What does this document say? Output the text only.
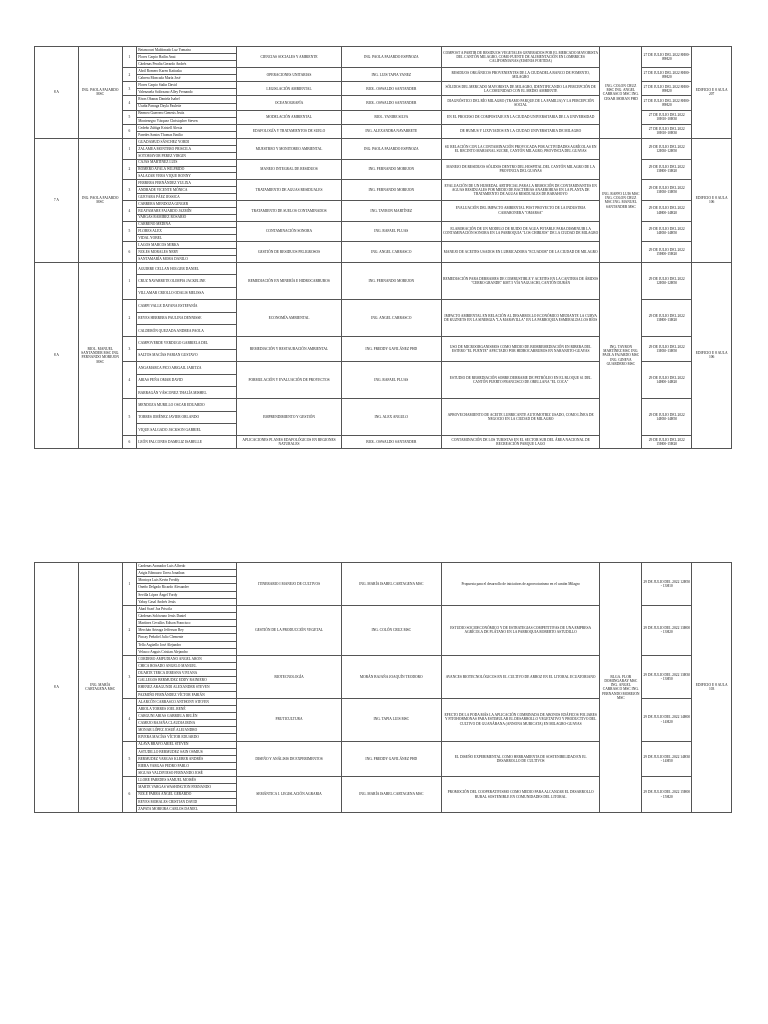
8 A	ING. PAOLA FAJARDO MSC	1	Betancourt Maldonado Luz Yomaira	CIENCIAS SOCIALES Y AMBIENTE	ING. PAOLA FAJARDO ESPINOZA	COMPOST A PARTIR DE RESIDUOS VEGETALES GENERADOS POR EL MERCADO MAYORISTA DEL CANTÓN MILAGRO, COMO FUENTE DE ALIMENTACIÓN EN LOMBRICES CALIFORNIANAS (EISENIA FOETIDA)	ING. COLON CRUZ MSC ING. ANGEL CARRASCO MSC ING. CESAR MORAN PHD	27 DE JULIO DEL 2022 8H00-09H20	EDIFICIO E 8 AULA 207
			Flores Carpio Hailin Anai						
			Cárdenas Peralta Gerardo Andrés						
		2	Abril Romero Karen Katiuska	OPERACIONES UNITARIAS	ING. LUIS TAPIA YANEZ	RESIDUOS ORGÁNICOS PROVENIENTES DE LA CIUDADELA BANCO DE FOMENTO, MILAGRO		27 DE JULIO DEL 2022 8H00-09H20	
			Cabrera Moncada María José						
		3	Flores Carpio Stalin David	LEGISLACIÓN AMBIENTAL	BIOL. OSWALDO SANTANDER	SÓLIDOS DEL MERCADO MAYORISTA DE MILAGRO, IDENTIFICANDO LA PERCEPCIÓN DE LA COMUNIDAD CON EL MEDIO AMBIENTE		27 DE JULIO DEL 2022 8H00-09H20	
			Valenzuela Solórzano Alley Fernando						
		4	Rivas Obanas Daniela Isabel	OCEANOGRAFÍA	BIOL. OSWALDO SANTANDER	DIAGNÓSTICO DEL RÍO MILAGRO (TRAMO PARQUE DE LA FAMILIA) Y LA PERCEPCIÓN SOCIAL		27 DE JULIO DEL 2022 8H00-09H20	
			Ucaña Parraga Dayla Paulette						
		5	Bermeo Guerrero Genesis Jesús	MODELACIÓN AMBIENTAL	BIOL. YANIRE SILVA	EN EL PROCESO DE COMPOSTAJE EN LA CIUDAD UNIVERSITARIA DE LA UNIVERSIDAD		27 DE JULIO DEL 2022 10H10-10H30	
			Montenegro Vásquez Christopher Steven						
		6	Cedeño Zúñiga Kristell Alexia	EDAFOLOGÍA Y TRATAMIENTOS DE SUELO	ING. ALEXANDRA NAVARRETE	DE HUMUS Y LIXIVIADOS EN LA CIUDAD UNIVERSITARIA DE MILAGRO		27 DE JULIO DEL 2022 10H10-10H30	
			Paredes Santos Thomas Emilio						
7 A	ING. PAOLA FAJARDO MSC	1	GUADAMUD SÁNCHEZ YORDI	MUESTREO Y MONITOREO AMBIENTAL	ING. PAOLA FAJARDO ESPINOZA	SU RELACIÓN CON LA CONTAMINACIÓN PROVOCADA POR ACTIVIDADES AGRÍCOLAS EN EL RECINTO MARIANAL SUCRE, CANTÓN MILAGRO, PROVINCIA DEL GUAYAS	ING. RAFFO LUIS MSC ING. COLON CRUZ MSC ING. MANUEL SANTANDER MSC	29 DE JULIO DEL 2022 12H30-12H50	EDIFICIO E 8 AULA 106
			ZALAMEA MONTERO PRISCILA						
			SOTOMAYOR PEREZ VIRGIN						
		2	CAJAS MARTÍNEZ LUIS	MANEJO INTEGRAL DE RESIDUOS	ING. FERNANDO MOREJON	MANEJO DE RESIDUOS SÓLIDOS DENTRO DEL HOSPITAL DEL CANTÓN MILAGRO DE LA PROVINCIA DEL GUAYAS		29 DE JULIO DEL 2022 13H00-13H20	
			ROMERO AYALA WILFRIDO						
			SALAZAR VERA VIQUE RONNY						
		3	FERRERA FERNÁNDEZ YULIXA	TRATAMIENTO DE AGUAS RESIDUALES	ING. FERNANDO MOREJON	EVALUACIÓN DE UN HUMEDAL ARTIFICIAL PARA LA REMOCIÓN DE CONTAMINANTES EN AGUAS RESIDUALES POR MEDIO DE BACTERIAS ANAEROBIAS EN LA PLANTA DE TRATAMIENTO DE AGUAS RESIDUALES DE BABAHOYO		29 DE JULIO DEL 2022 13H30-13H50	
			ANDRADE VICENTE MÓNICA						
			GUEVARA PÁEZ JESSICA						
		4	CABRERA MENDOZA GINGER	TRATAMIENTO DE SUELOS CONTAMINADOS	ING. TAYRON MARTÍNEZ	EVALUACIÓN DEL IMPACTO AMBIENTAL POST PROYECTO DE LA INDUSTRIA CAMARONERA "OMARSA"		29 DE JULIO DEL 2022 14H00-14H20	
			BUAYAMARE FAJARDO JAZMÍN						
			VARGAS RAMÍREZ ROSARIO						
		5	CARREÑO MEDINA	CONTAMINACIÓN SONORA	ING. RAFAEL PLUAS	ELABORACIÓN DE UN MODELO DE RUIDO DE AGUA POTABLE PARA DISMINUIR LA CONTAMINACIÓN SONORA EN LA PARROQUIA "LOS CHIRIJOS" DE LA CIUDAD DE MILAGRO		29 DE JULIO DEL 2022 14H30-14H50	
			FLORES ALEX						
			VIDAL YOBEL						
		6	LAGOS MARCOS MIRKA	GESTIÓN DE RESIDUOS PELIGROSOS	ING. ANGEL CARRASCO	MANEJO DE ACEITES USADOS EN LUBRICADORA "ECUADOR" DE LA CIUDAD DE MILAGRO		29 DE JULIO DEL 2022 15H00-15H20	
			NOLES MORALES NERY						
			SANTAMARÍA MORA DANILO						
8 A	BIOL. MANUEL SANTANDER MSC ING. FERNANDO MOREJON MSC	1	AGUIRRE CELLAN HOLGER DANIEL	REMEDIACIÓN EN MINERÍA E HIDROCARBUROS	ING. FERNANDO MOREJON	REMEDIACIÓN PARA DERRAMES DE COMBUSTIBLE Y ACEITES EN LA CANTERA DE ÁRIDOS "CERRO GRANDE" KM7.5 VÍA YAGUACHI, CANTÓN DURÁN	ING. TAYRON MARTÍNEZ MSC ING. PAOLA FAJARDO MSC ING. GINEVA GUARDERO MSC	29 DE JULIO DEL 2022 12H30-12H50	EDIFICIO E 8 AULA 106
			CRUZ NAVARRETE OLIMPIA JACKELINE						
			VILLAMAR CRIOLLO ODALIS MELISSA						
		2	CAMPI VALLE DAYANA ESTEFANÍA	ECONOMÍA AMBIENTAL	ING. ANGEL CARRASCO	IMPACTO AMBIENTAL EN RELACIÓN AL DESARROLLO ECONÓMICO MEDIANTE LA CURVA DE KUZNETS EN LA SINERGIA "LA MARAVILLA" EN LA PARROQUIA ESMERALDA LOS RÍOS		29 DE JULIO DEL 2022 13H00-13H20	
			REYES HERRERA PAULINA DENNISSE						
			CALDERÓN QUEZADA ANDREA PAOLA						
		3	CAMPOVERDE VERDUGO GABRIELA DEL	REMEDIACIÓN Y RESTAURACIÓN AMBIENTAL	ING. FREDDY GAVILÁNEZ PHD	USO DE MICROORGANISMOS COMO MEDIO DE BIORREMEDIACIÓN EN RIBERA DEL ESTERO "EL PUENTE" AFECTADO POR HIDROCARBUROS EN NARANJITO-GUAYAS		29 DE JULIO DEL 2022 13H30-13H50	
			SALTOS MACÍAS FABIAN GUSTAVO						
		4	ANGAMARCA PICO ABIGAIL JARITZA	FORMULACIÓN Y EVALUACIÓN DE PROYECTOS	ING. RAFAEL PLUAS	ESTUDIO DE REMEDIACIÓN SOBRE DERRAME DE PETRÓLEO EN EL BLOQUE 61 DEL CANTÓN PUERTO FRANCISCO DE ORELLANA "EL COCA"		29 DE JULIO DEL 2022 14H00-14H20	
			ARIAS PEÑA OMAR DAVID						
			BARRAGÁN VÁSCONEZ THALÍA MISHEL						
		5	MENDOZA MURILLO OSCAR EDUARDO	EMPRENDIMIENTO Y GESTIÓN	ING. ALEX ANGULO	APROVECHAMIENTO DE ACEITE LUBRICANTE AUTOMOTRIZ USADO, COMO LÍNEA DE NEGOCIO EN LA CIUDAD DE MILAGRO		29 DE JULIO DEL 2022 14H30-14H50	
			TORRES JIMÉNEZ JAVIER ORLANDO						
			VIQUE SALGADO JACKSON GABRIEL						
		6	LEÓN FALCONES DAMELIZ ISABELLE	APLICACIONES PLANES EDAFOLÓGICOS EN REGIONES NATURALES	BIOL. OSWALDO SANTANDER	CONTAMINACIÓN DE LOS TURISTAS EN EL SECTOR SUR DEL ÁREA NACIONAL DE RECREACIÓN PARQUE LAGO		29 DE JULIO DEL 2022 15H00-15H20	
8 A	ING. MARÍA CARTAGENA MSC	1	Cardenas Avanador Luis Alfredo	ITINERARIO I MANEJO DE CULTIVOS	ING. MARÍA ISABEL CARTAGENA MSC	Propuesta para el desarrollo de iniciativas de agroecoturismo en el cantón Milagro	BLGA. FLOR DOMINGARAY MSC ING. ANGEL CARRASCO MSC ING. FERNANDO MOREJON MSC	29 DE JULIO DEL 2022 12H50 - 13H10	EDIFICIO E 8 AULA 103
			Arigiz Edmuuro Urrea Jonathan						
			Montoya Luis Kevin Freddy						
			Oneño Delgado Ricardo Alexander						
			Sevilla López Ángel Yordy						
			Yabay Casal Andrés Jesús						
		2	Abad Scarf Joa Priscila	GESTIÓN DE LA PRODUCCIÓN VEGETAL	ING. COLÓN CRUZ MSC	ESTUDIO SOCIOECONÓMICO Y DE ESTRATEGIAS COMPETITIVAS DE UNA EMPRESA AGRÍCOLA DE PLÁTANO EN LA PARROQUIA ROBERTO ASTUDILLO		29 DE JULIO DEL 2022 13H00 - 13H20	
			Cárdenas Solórzano Jesús Daniel						
			Martínez Cevallos Edison Francisco						
			Merchán Arteaga Jefferson Rey						
			Pincay Peñafiel Julio Clemente						
			Tello Argüello José Alejandro						
			Velasco Anguis Cristian Alejandro						
		3	CORDERO AMPUDIANO ANGEL ARON	BIOTECNOLOGÍA	MORÁN BAJAÑA JOAQUÍN TEODORO	AVANCES BIOTECNOLÓGICOS EN EL CULTIVO DE ARROZ EN EL LITORAL ECUATORIANO		29 DE JULIO DEL 2022 13H30 - 13H50	
			CHICA ROSADO ANGELO MANUEL						
			DUARTE TERCA JERESNA VIVIANA						
			GALLEGOS BERMUDEZ EDDY RAINIERO						
			RHENEZ ARAGUNDI ALEXANDER STEVEN						
			PAZMIÑO FERNÁNDEZ VÍCTOR FABIÁN						
		4	ALARCÓN CARRASCO ANTHONY STEVEN	FRUTICULTURA	ING. TAPIA LUIS MSC	EFECTO DE LA PODA MÁS LA APLICACIÓN COMBINADA DE ABONOS EDÁFICOS FOLIARES Y FITOHORMONAS PARA ESTIMULAR EL DESARROLLO VEGETATIVO Y PRODUCTIVO DEL CULTIVO DE GUANÁBANA (ANNONA MURICATA) EN MILAGRO-GUAYAS		29 DE JULIO DEL 2022 14H00 - 14H20	
			ARIOLA TORRES JOEL RENÉ						
			CARGUNI ARIAS GABRIELA BELÉN						
			CAMEJO BAJAÑA CLAUDIA IRINA						
			MONAR LÓPEZ JOSUÉ ALEJANDRO						
			RIVERA MACÍAS VÍCTOR EDUARDO						
		5	ALAVA BRAVO ARIEL STEVEN	DISEÑO Y ANÁLISIS DE EXPERIMENTOS	ING. FREDDY GAVILÁNEZ PHD	EL DISEÑO EXPERIMENTAL COMO HERRAMIENTA DE SOSTENIBILIDAD EN EL DESARROLLO DE CULTIVOS		29 DE JULIO DEL 2022 14H30 - 14H50	
			ASTUDILLO BERMUDEZ SAIN OSMIUS						
			BERMUDEZ VARGAS KLEBER ANDRÉS						
			RIERA VARGAS PEDRO PABLO						
			SIGUAS VALDIVIESO FERNANDO JOSÉ						
		6	LLORE PAREDES SAMUEL MOISÉS	SEMÁNTICA I. LEGISLACIÓN AGRARIA	ING. MARÍA ISABEL CARTAGENA MSC	PROMOCIÓN DEL COOPERATIVISMO COMO MEDIO PARA ALCANZAR EL DESARROLLO RURAL SOSTENIBLE EN COMUNIDADES DEL LITORAL		29 DE JULIO DEL 2022 15H00 - 15H20	
			MARTE VARGAS WASHINGTON FERNANDO						
			NOLE PARRA ÁNGEL GERARDO						
			REYES MORALES CRISTIAN DAVID						
			ZAPATA MOREIRA CARLOS DANIEL						
